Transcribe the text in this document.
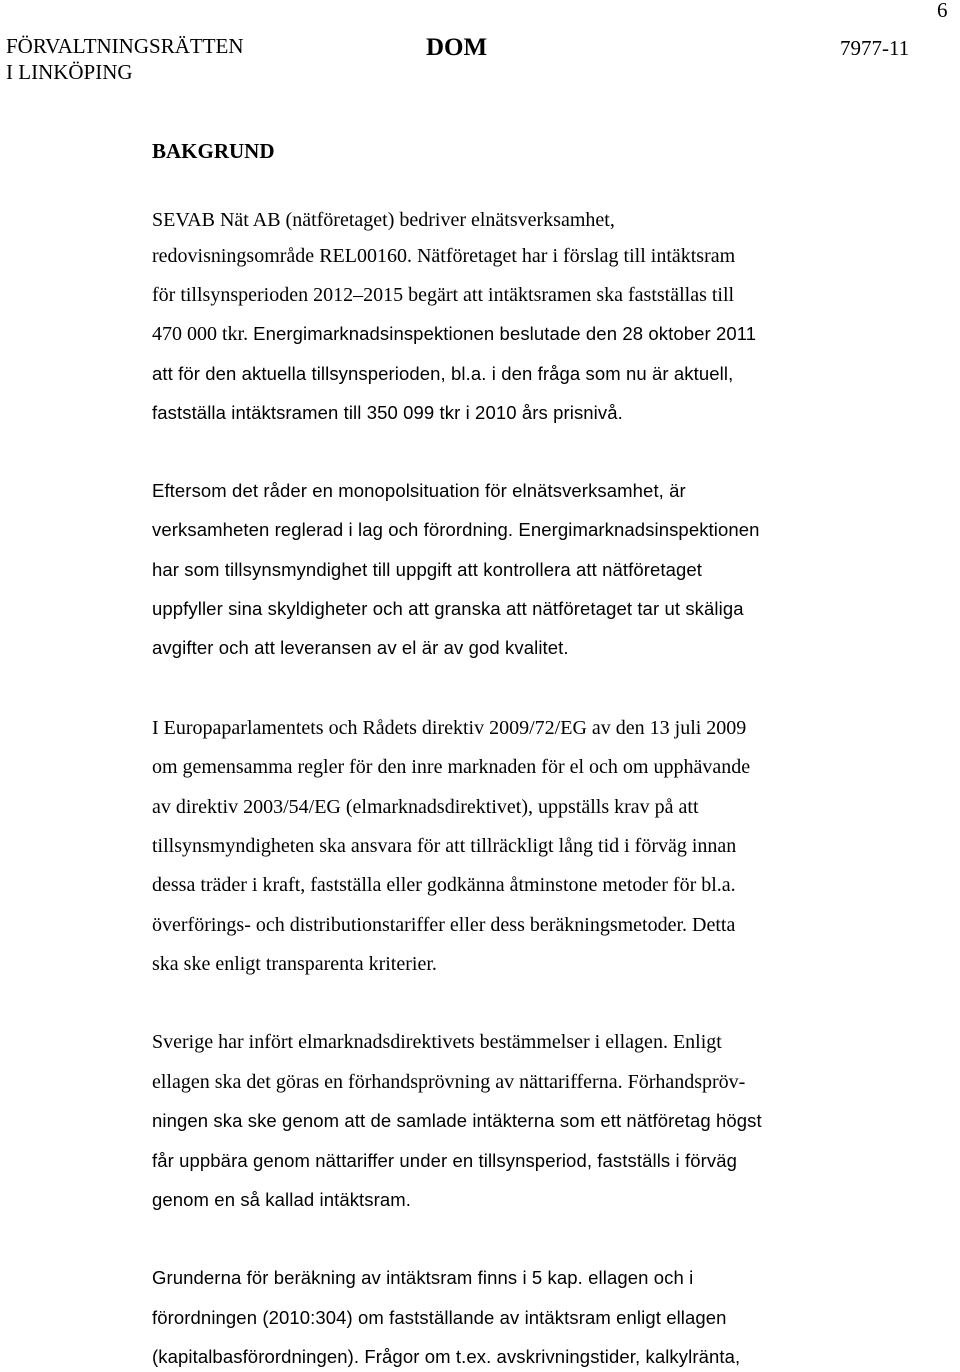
FÖRVALTNINGSRÄTTEN
I LINKÖPING
DOM	7977-11
6
BAKGRUND
SEVAB Nät AB (nätföretaget) bedriver elnätsverksamhet,
redovisningsområde REL00160. Nätföretaget har i förslag till intäktsram
för tillsynsperioden 2012–2015 begärt att intäktsramen ska fastställas till
470 000 tkr. Energimarknadsinspektionen beslutade den 28 oktober 2011
att för den aktuella tillsynsperioden, bl.a. i den fråga som nu är aktuell,
fastställa intäktsramen till 350 099 tkr i 2010 års prisnivå.
Eftersom det råder en monopolsituation för elnätsverksamhet, är
verksamheten reglerad i lag och förordning. Energimarknadsinspektionen
har som tillsynsmyndighet till uppgift att kontrollera att nätföretaget
uppfyller sina skyldigheter och att granska att nätföretaget tar ut skäliga
avgifter och att leveransen av el är av god kvalitet.
I Europaparlamentets och Rådets direktiv 2009/72/EG av den 13 juli 2009
om gemensamma regler för den inre marknaden för el och om upphävande
av direktiv 2003/54/EG (elmarknadsdirektivet), uppställs krav på att
tillsynsmyndigheten ska ansvara för att tillräckligt lång tid i förväg innan
dessa träder i kraft, fastställa eller godkänna åtminstone metoder för bl.a.
överförings- och distributionstariffer eller dess beräkningsmetoder. Detta
ska ske enligt transparenta kriterier.
Sverige har infört elmarknadsdirektivets bestämmelser i ellagen. Enligt
ellagen ska det göras en förhandsprövning av nättarifferna. Förhandspröv-
ningen ska ske genom att de samlade intäkterna som ett nätföretag högst
får uppbära genom nättariffer under en tillsynsperiod, fastställs i förväg
genom en så kallad intäktsram.
Grunderna för beräkning av intäktsram finns i 5 kap. ellagen och i
förordningen (2010:304) om fastställande av intäktsram enligt ellagen
(kapitalbasförordningen). Frågor om t.ex. avskrivningstider, kalkylränta,
